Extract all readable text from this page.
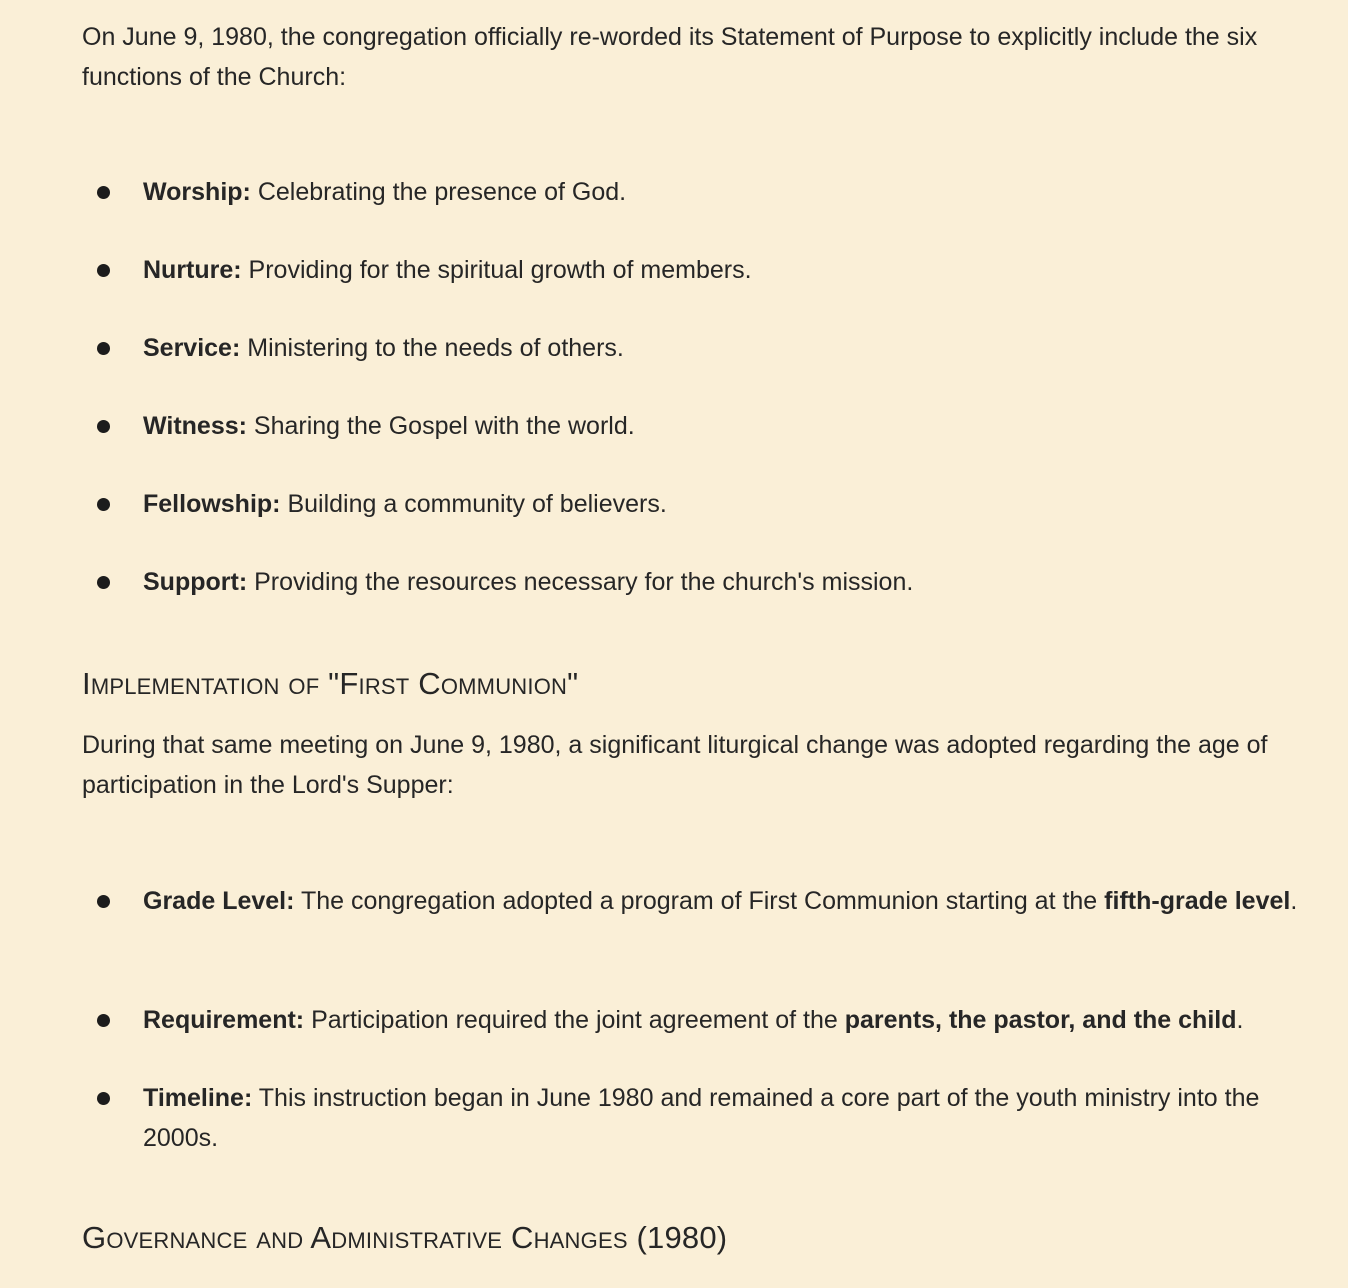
On June 9, 1980, the congregation officially re-worded its Statement of Purpose to explicitly include the six functions of the Church:

Worship: Celebrating the presence of God.
Nurture: Providing for the spiritual growth of members.
Service: Ministering to the needs of others.
Witness: Sharing the Gospel with the world.
Fellowship: Building a community of believers.
Support: Providing the resources necessary for the church's mission.
Implementation of "First Communion"

During that same meeting on June 9, 1980, a significant liturgical change was adopted regarding the age of participation in the Lord's Supper:

Grade Level: The congregation adopted a program of First Communion starting at the fifth-grade level.
Requirement: Participation required the joint agreement of the parents, the pastor, and the child.
Timeline: This instruction began in June 1980 and remained a core part of the youth ministry into the 2000s.
Governance and Administrative Changes (1980)
